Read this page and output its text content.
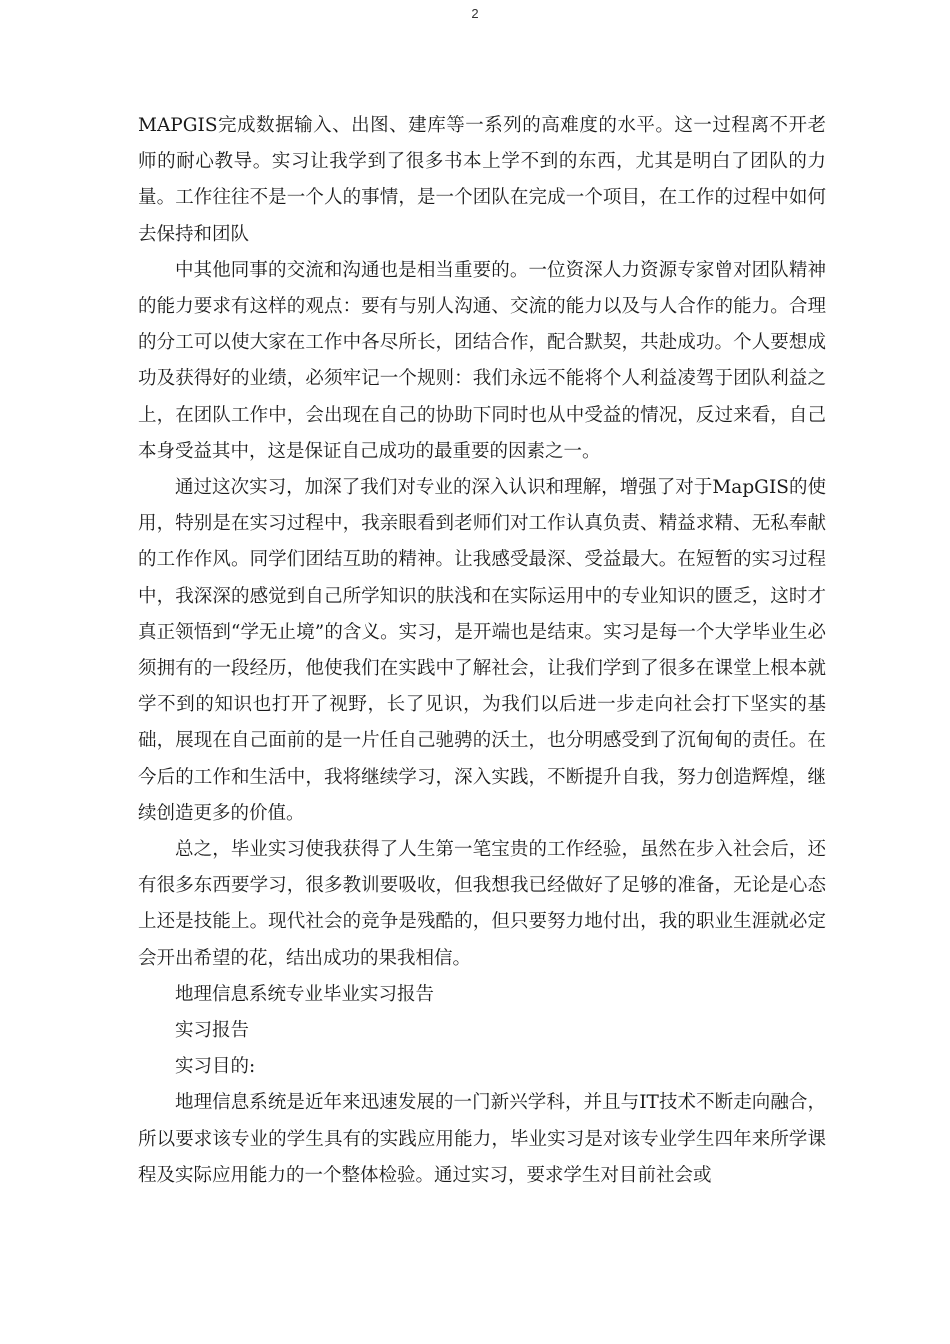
2

MAPGIS完成数据输入、出图、建库等一系列的高难度的水平。这一过程离不开老师的耐心教导。实习让我学到了很多书本上学不到的东西，尤其是明白了团队的力量。工作往往不是一个人的事情，是一个团队在完成一个项目，在工作的过程中如何去保持和团队

中其他同事的交流和沟通也是相当重要的。一位资深人力资源专家曾对团队精神的能力要求有这样的观点：要有与别人沟通、交流的能力以及与人合作的能力。合理的分工可以使大家在工作中各尽所长，团结合作，配合默契，共赴成功。个人要想成功及获得好的业绩，必须牢记一个规则：我们永远不能将个人利益凌驾于团队利益之上，在团队工作中，会出现在自己的协助下同时也从中受益的情况，反过来看，自己本身受益其中，这是保证自己成功的最重要的因素之一。

通过这次实习，加深了我们对专业的深入认识和理解，增强了对于MapGIS的使用，特别是在实习过程中，我亲眼看到老师们对工作认真负责、精益求精、无私奉献的工作作风。同学们团结互助的精神。让我感受最深、受益最大。在短暂的实习过程中，我深深的感觉到自己所学知识的肤浅和在实际运用中的专业知识的匮乏，这时才真正领悟到“学无止境”的含义。实习，是开端也是结束。实习是每一个大学毕业生必须拥有的一段经历，他使我们在实践中了解社会，让我们学到了很多在课堂上根本就学不到的知识也打开了视野，长了见识，为我们以后进一步走向社会打下坚实的基础，展现在自己面前的是一片任自己驰骋的沃土，也分明感受到了沉甸甸的责任。在今后的工作和生活中，我将继续学习，深入实践，不断提升自我，努力创造辉煌，继续创造更多的价值。

总之，毕业实习使我获得了人生第一笔宝贵的工作经验，虽然在步入社会后，还有很多东西要学习，很多教训要吸收，但我想我已经做好了足够的准备，无论是心态上还是技能上。现代社会的竞争是残酷的，但只要努力地付出，我的职业生涯就必定会开出希望的花，结出成功的果我相信。

地理信息系统专业毕业实习报告

实习报告

实习目的:

地理信息系统是近年来迅速发展的一门新兴学科，并且与IT技术不断走向融合，所以要求该专业的学生具有的实践应用能力，毕业实习是对该专业学生四年来所学课程及实际应用能力的一个整体检验。通过实习，要求学生对目前社会或
